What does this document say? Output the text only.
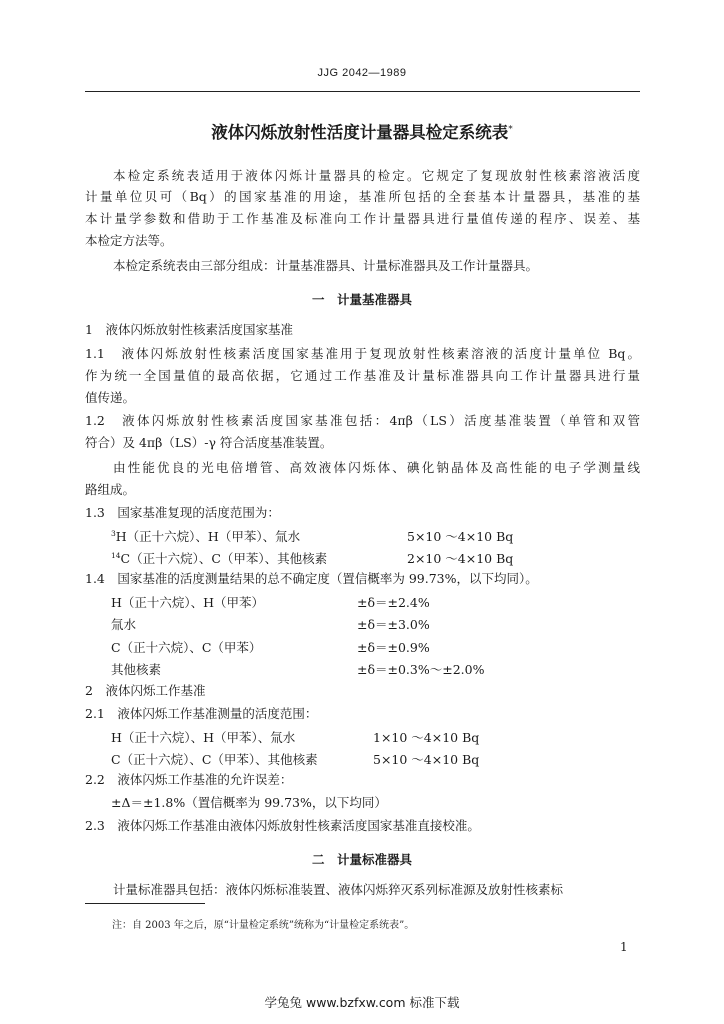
JJG 2042—1989
液体闪烁放射性活度计量器具检定系统表*
本检定系统表适用于液体闪烁计量器具的检定。它规定了复现放射性核素溶液活度
计量单位贝可（Bq）的国家基准的用途，基准所包括的全套基本计量器具，基准的基
本计量学参数和借助于工作基准及标准向工作计量器具进行量值传递的程序、误差、基
本检定方法等。
本检定系统表由三部分组成：计量基准器具、计量标准器具及工作计量器具。
一　计量基准器具
1　液体闪烁放射性核素活度国家基准
1.1　液体闪烁放射性核素活度国家基准用于复现放射性核素溶液的活度计量单位 Bq。
作为统一全国量值的最高依据，它通过工作基准及计量标准器具向工作计量器具进行量
值传递。
1.2　液体闪烁放射性核素活度国家基准包括：4πβ（LS）活度基准装置（单管和双管
符合）及 4πβ（LS）-γ 符合活度基准装置。
由性能优良的光电倍增管、高效液体闪烁体、碘化钠晶体及高性能的电子学测量线
路组成。
1.3　国家基准复现的活度范围为：
$^3$H（正十六烷）、H（甲苯）、氚水	5×10 ～4×10 Bq
$^{14}$C（正十六烷）、C（甲苯）、其他核素	2×10 ～4×10 Bq
1.4　国家基准的活度测量结果的总不确定度（置信概率为 99.73%，以下均同）。
H（正十六烷）、H（甲苯）	±δ＝±2.4%
氚水	±δ＝±3.0%
C（正十六烷）、C（甲苯）	±δ＝±0.9%
其他核素	±δ＝±0.3%～±2.0%
2　液体闪烁工作基准
2.1　液体闪烁工作基准测量的活度范围：
H（正十六烷）、H（甲苯）、氚水	1×10 ～4×10 Bq
C（正十六烷）、C（甲苯）、其他核素	5×10 ～4×10 Bq
2.2　液体闪烁工作基准的允许误差：
±Δ＝±1.8%（置信概率为 99.73%，以下均同）
2.3　液体闪烁工作基准由液体闪烁放射性核素活度国家基准直接校准。
二　计量标准器具
计量标准器具包括：液体闪烁标准装置、液体闪烁猝灭系列标准源及放射性核素标
注：自 2003 年之后，原“计量检定系统”统称为“计量检定系统表”。
1
学兔兔 www.bzfxw.com 标准下载
